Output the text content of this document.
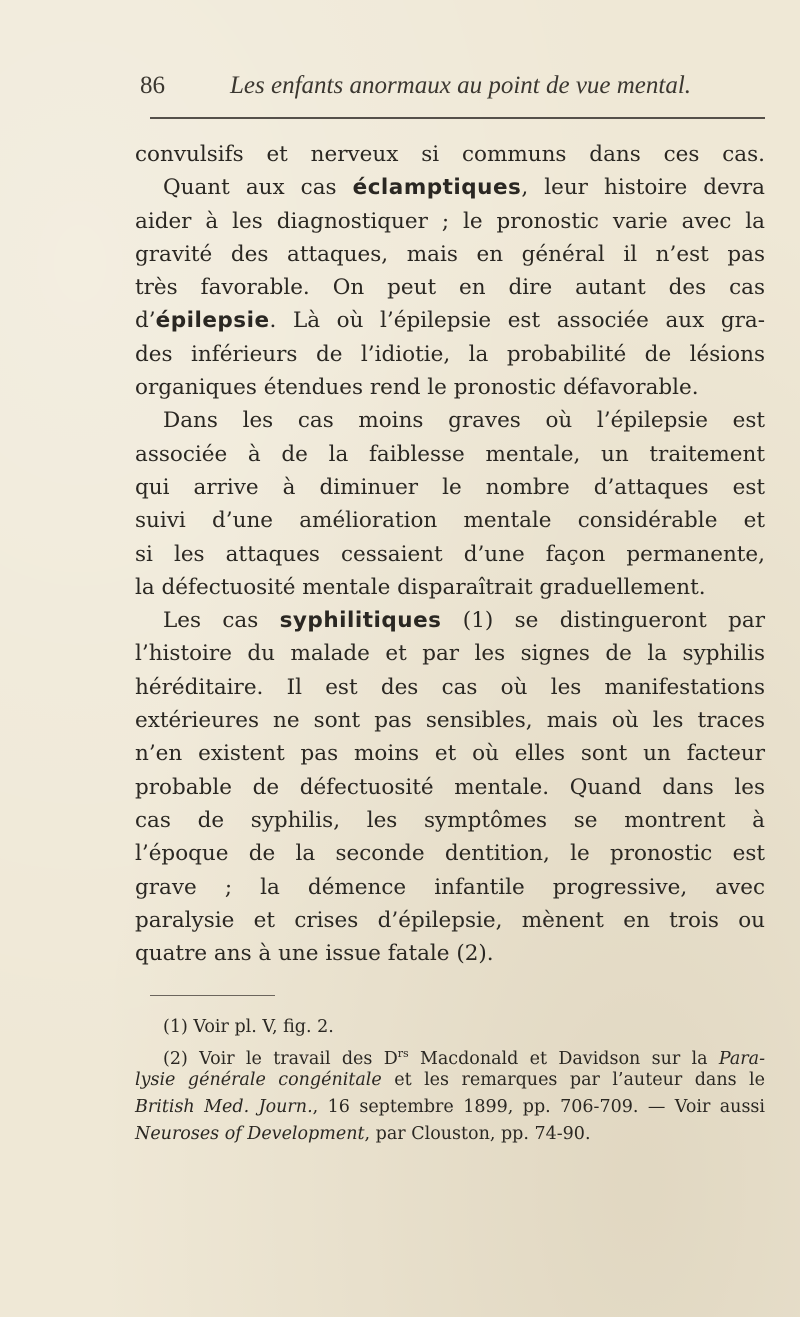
86	Les enfants anormaux au point de vue mental.
convulsifs et nerveux si communs dans ces cas.
Quant aux cas éclamptiques, leur histoire devra
aider à les diagnostiquer ; le pronostic varie avec la
gravité des attaques, mais en général il n’est pas
très favorable. On peut en dire autant des cas
d’épilepsie. Là où l’épilepsie est associée aux gra-
des inférieurs de l’idiotie, la probabilité de lésions
organiques étendues rend le pronostic défavorable.
Dans les cas moins graves où l’épilepsie est
associée à de la faiblesse mentale, un traitement
qui arrive à diminuer le nombre d’attaques est
suivi d’une amélioration mentale considérable et
si les attaques cessaient d’une façon permanente,
la défectuosité mentale disparaîtrait graduellement.
Les cas syphilitiques (1) se distingueront par
l’histoire du malade et par les signes de la syphilis
héréditaire. Il est des cas où les manifestations
extérieures ne sont pas sensibles, mais où les traces
n’en existent pas moins et où elles sont un facteur
probable de défectuosité mentale. Quand dans les
cas de syphilis, les symptômes se montrent à
l’époque de la seconde dentition, le pronostic est
grave ; la démence infantile progressive, avec
paralysie et crises d’épilepsie, mènent en trois ou
quatre ans à une issue fatale (2).
(1) Voir pl. V, fig. 2.
(2) Voir le travail des $D^{rs}$ Macdonald et Davidson sur la Para-
lysie générale congénitale et les remarques par l’auteur dans le
British Med. Journ., 16 septembre 1899, pp. 706-709. — Voir aussi
Neuroses of Development, par Clouston, pp. 74-90.
